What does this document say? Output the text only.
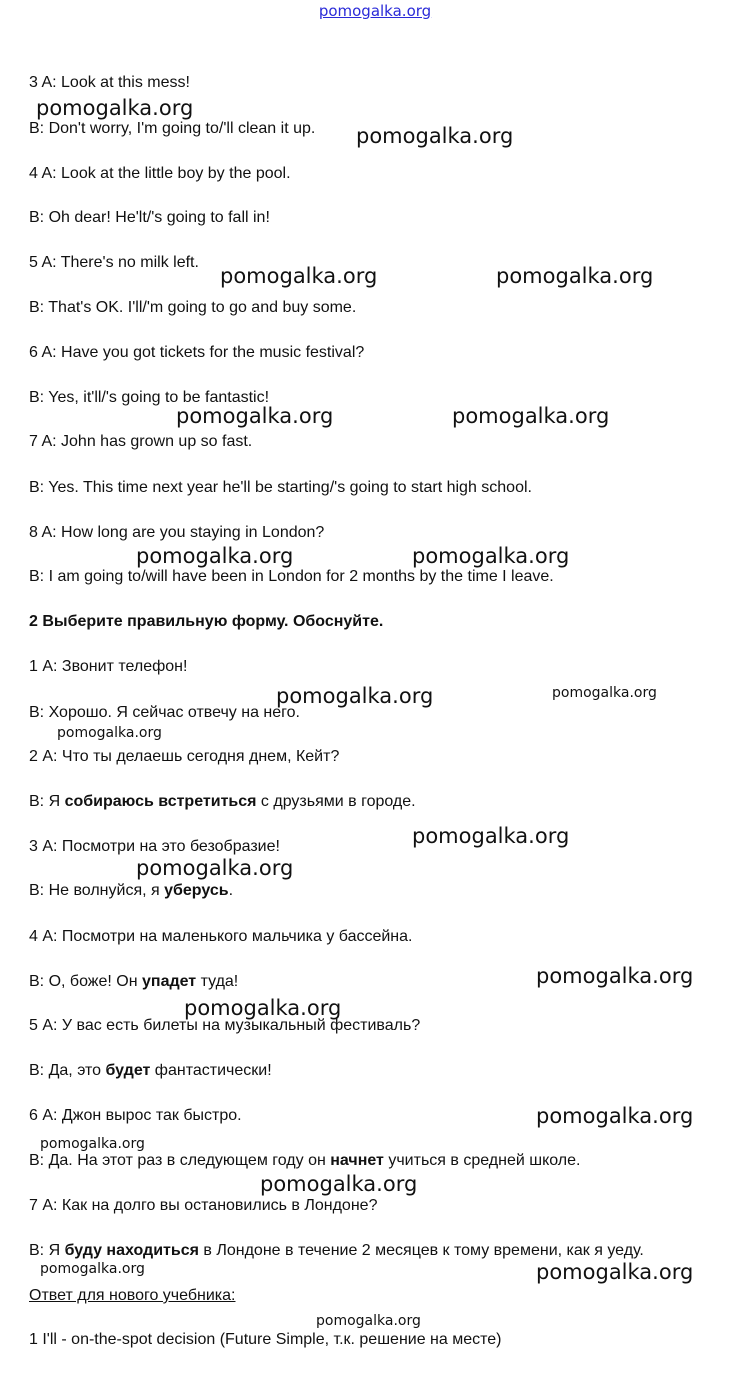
pomogalka.org
3 A: Look at this mess!
B: Don't worry, I'm going to/'ll clean it up.
4 A: Look at the little boy by the pool.
B: Oh dear! He'lt/'s going to fall in!
5 A: There's no milk left.
B: That's OK. I'll/'m going to go and buy some.
6 A: Have you got tickets for the music festival?
B: Yes, it'll/'s going to be fantastic!
7 A: John has grown up so fast.
B: Yes. This time next year he'll be starting/'s going to start high school.
8 A: How long are you staying in London?
B: I am going to/will have been in London for 2 months by the time I leave.
2 Выберите правильную форму. Обоснуйте.
1 А: Звонит телефон!
В: Хорошо. Я сейчас отвечу на него.
2 А: Что ты делаешь сегодня днем, Кейт?
В: Я собираюсь встретиться с друзьями в городе.
3 А: Посмотри на это безобразие!
В: Не волнуйся, я уберусь.
4 А: Посмотри на маленького мальчика у бассейна.
В: О, боже! Он упадет туда!
5 А: У вас есть билеты на музыкальный фестиваль?
В: Да, это будет фантастически!
6 А: Джон вырос так быстро.
В: Да. На этот раз в следующем году он начнет учиться в средней школе.
7 А: Как на долго вы остановились в Лондоне?
В: Я буду находиться в Лондоне в течение 2 месяцев к тому времени, как я уеду.
Ответ для нового учебника:
1 I'll - on-the-spot decision (Future Simple, т.к. решение на месте)
pomogalka.org
pomogalka.org
pomogalka.org	pomogalka.org
pomogalka.org	pomogalka.org
pomogalka.org	pomogalka.org
pomogalka.org	pomogalka.org
pomogalka.org
pomogalka.org
pomogalka.org
pomogalka.org
pomogalka.org
pomogalka.org
pomogalka.org
pomogalka.org
pomogalka.org	pomogalka.org
pomogalka.org
